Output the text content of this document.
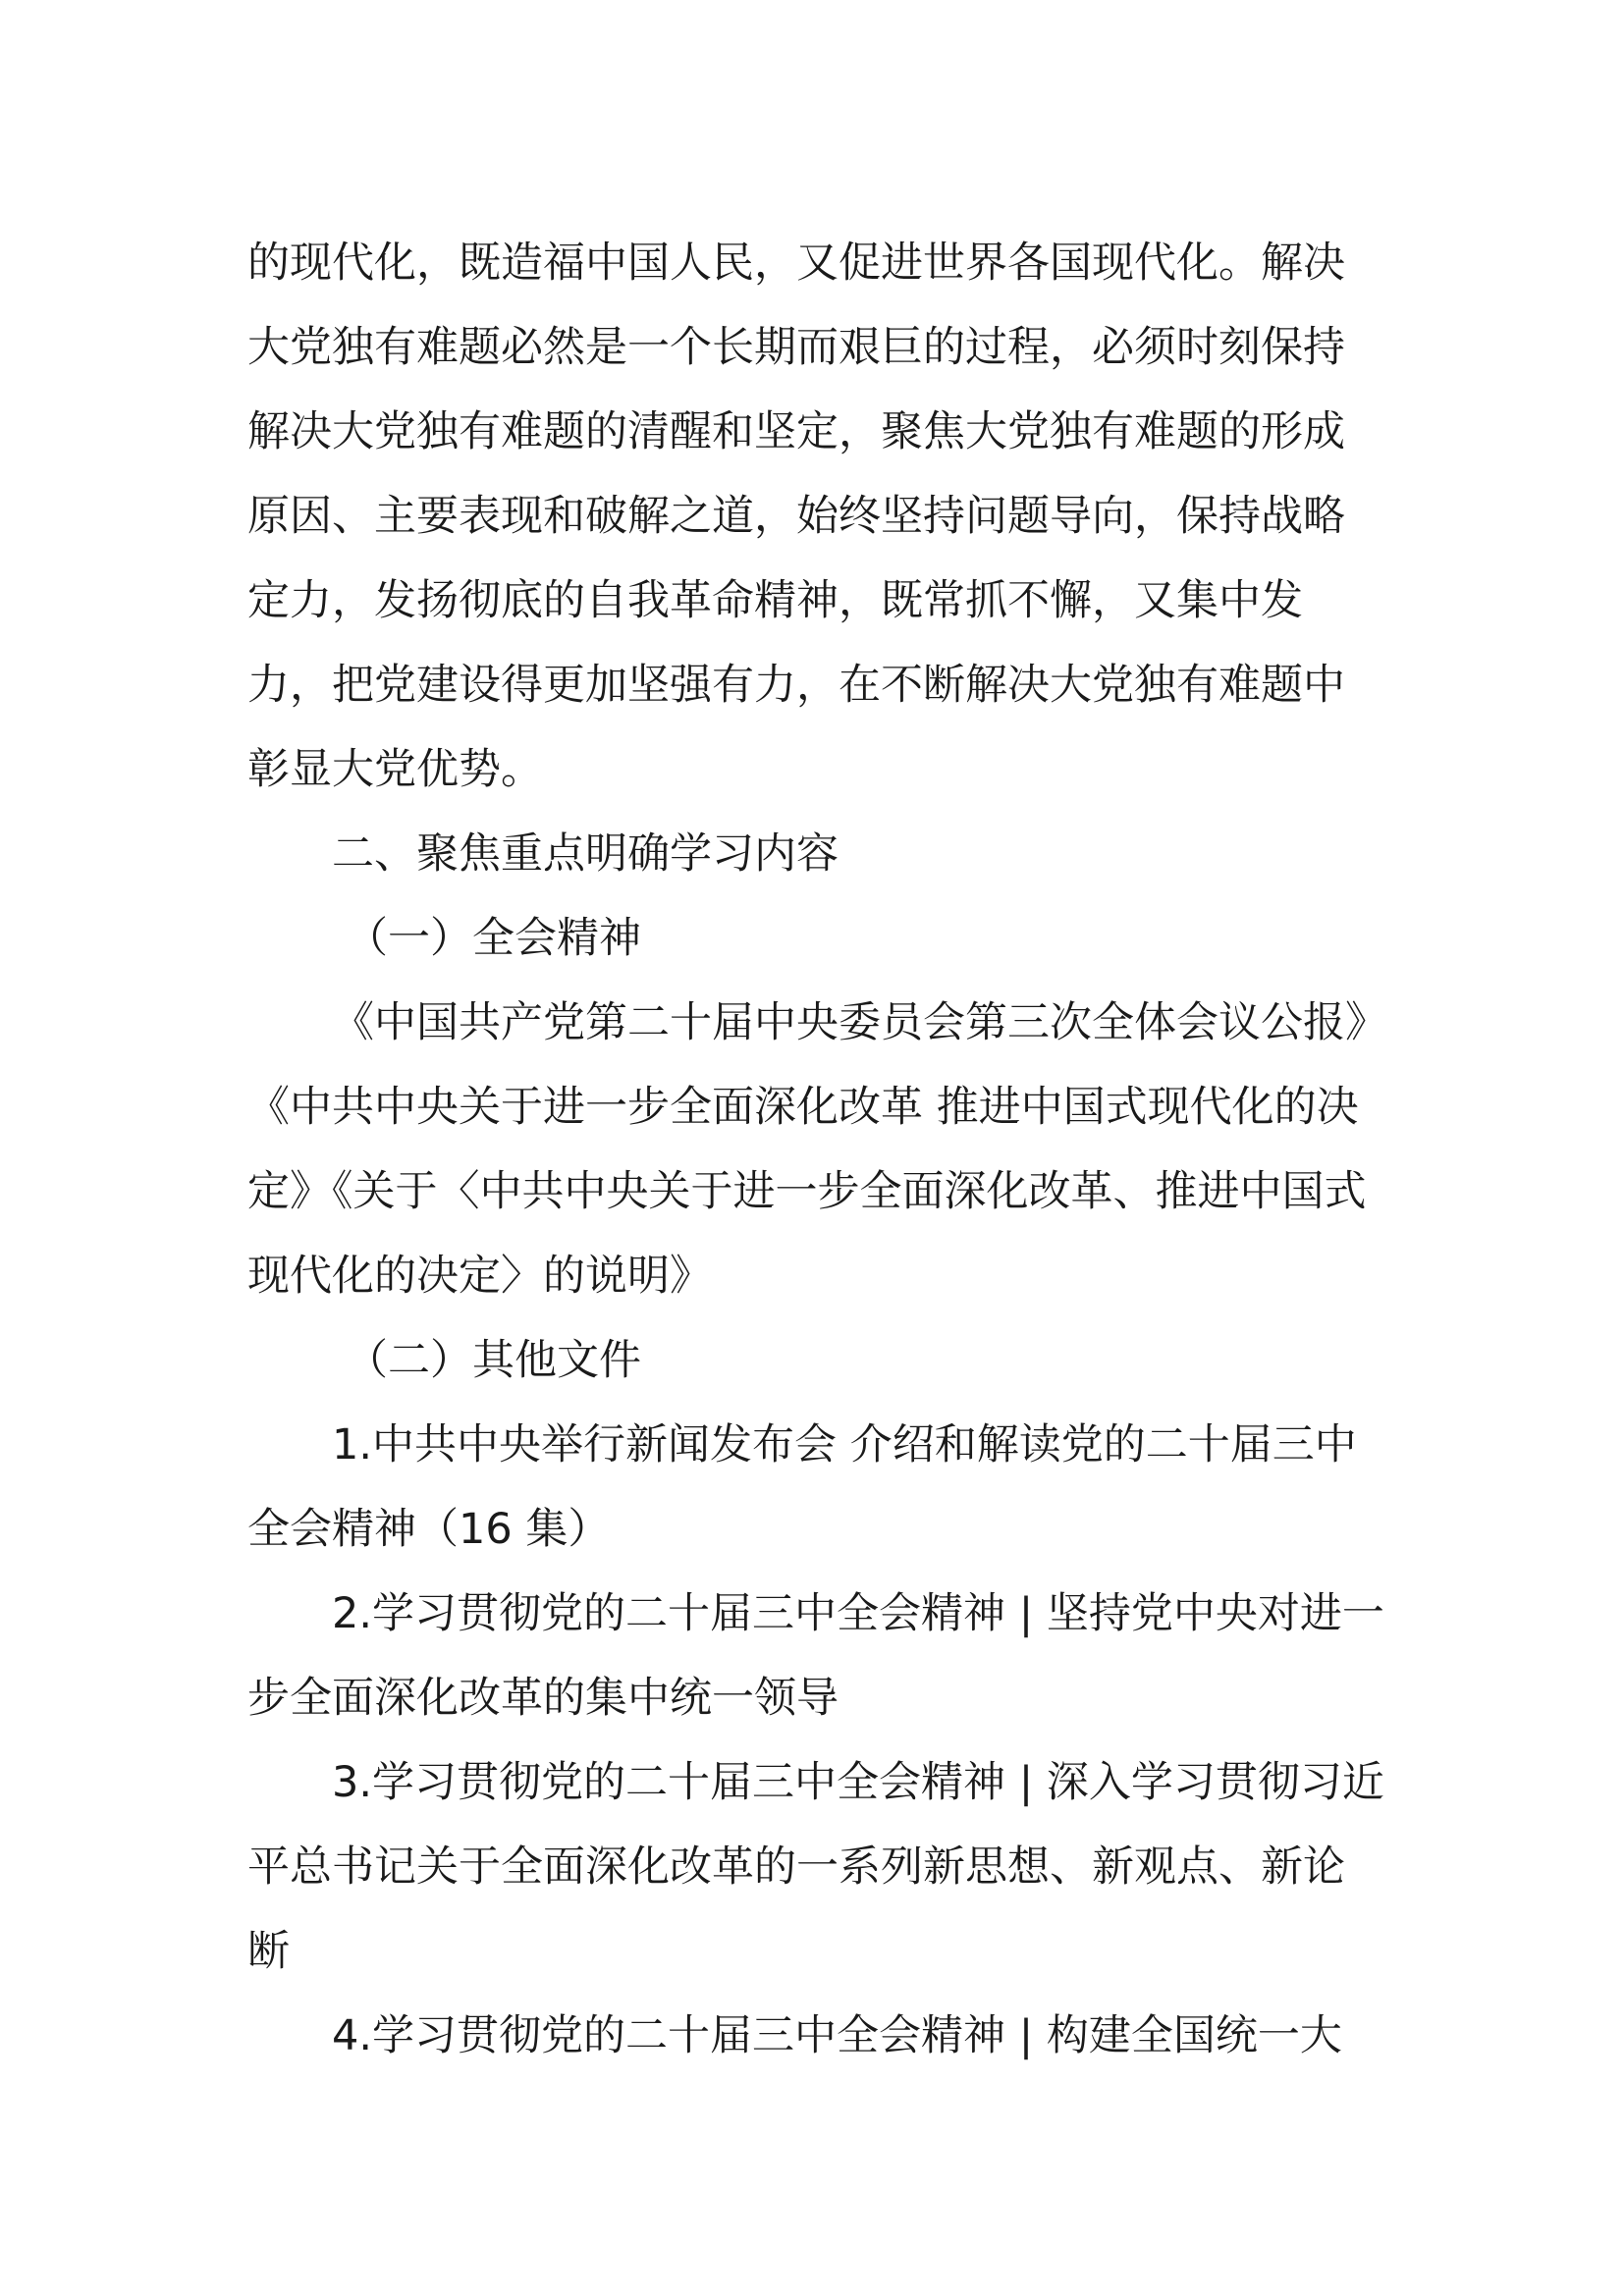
的现代化，既造福中国人民，又促进世界各国现代化。解决大党独有难题必然是一个长期而艰巨的过程，必须时刻保持解决大党独有难题的清醒和坚定，聚焦大党独有难题的形成原因、主要表现和破解之道，始终坚持问题导向，保持战略定力，发扬彻底的自我革命精神，既常抓不懈，又集中发力，把党建设得更加坚强有力，在不断解决大党独有难题中彰显大党优势。

二、聚焦重点明确学习内容

（一）全会精神

《中国共产党第二十届中央委员会第三次全体会议公报》《中共中央关于进一步全面深化改革 推进中国式现代化的决定》《关于〈中共中央关于进一步全面深化改革、推进中国式现代化的决定〉的说明》

（二）其他文件

1.中共中央举行新闻发布会 介绍和解读党的二十届三中全会精神（16 集）

2.学习贯彻党的二十届三中全会精神 | 坚持党中央对进一步全面深化改革的集中统一领导

3.学习贯彻党的二十届三中全会精神 | 深入学习贯彻习近平总书记关于全面深化改革的一系列新思想、新观点、新论断

4.学习贯彻党的二十届三中全会精神 | 构建全国统一大
